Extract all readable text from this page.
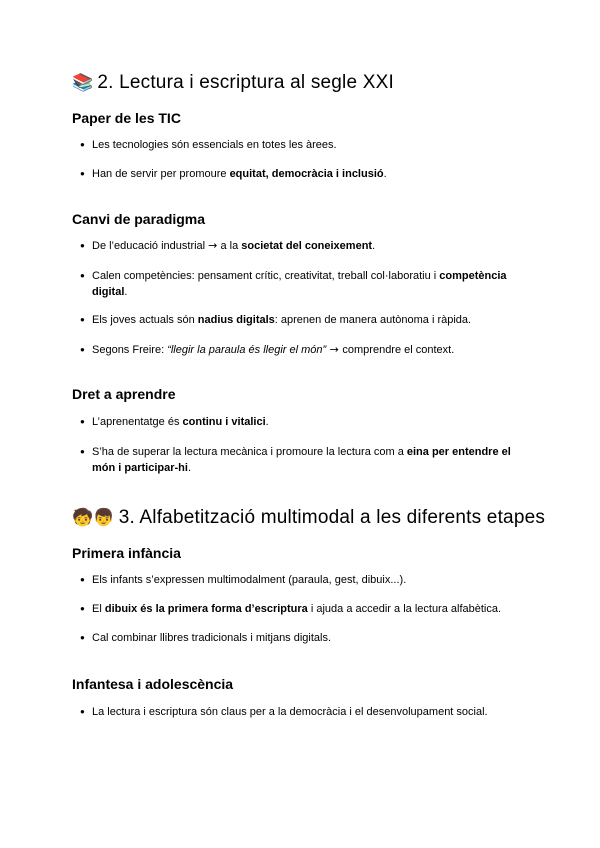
📚 2. Lectura i escriptura al segle XXI
Paper de les TIC
● Les tecnologies són essencials en totes les àrees.
● Han de servir per promoure equitat, democràcia i inclusió.
Canvi de paradigma
● De l’educació industrial → a la societat del coneixement.
● Calen competències: pensament crític, creativitat, treball col·laboratiu i competència digital.
● Els joves actuals són nadius digitals: aprenen de manera autònoma i ràpida.
● Segons Freire: “llegir la paraula és llegir el món” → comprendre el context.
Dret a aprendre
● L’aprenentatge és continu i vitalici.
● S’ha de superar la lectura mecànica i promoure la lectura com a eina per entendre el món i participar-hi.
🧒👦 3. Alfabetització multimodal a les diferents etapes
Primera infància
● Els infants s’expressen multimodalment (paraula, gest, dibuix...).
● El dibuix és la primera forma d’escriptura i ajuda a accedir a la lectura alfabètica.
● Cal combinar llibres tradicionals i mitjans digitals.
Infantesa i adolescència
● La lectura i escriptura són claus per a la democràcia i el desenvolupament social.
